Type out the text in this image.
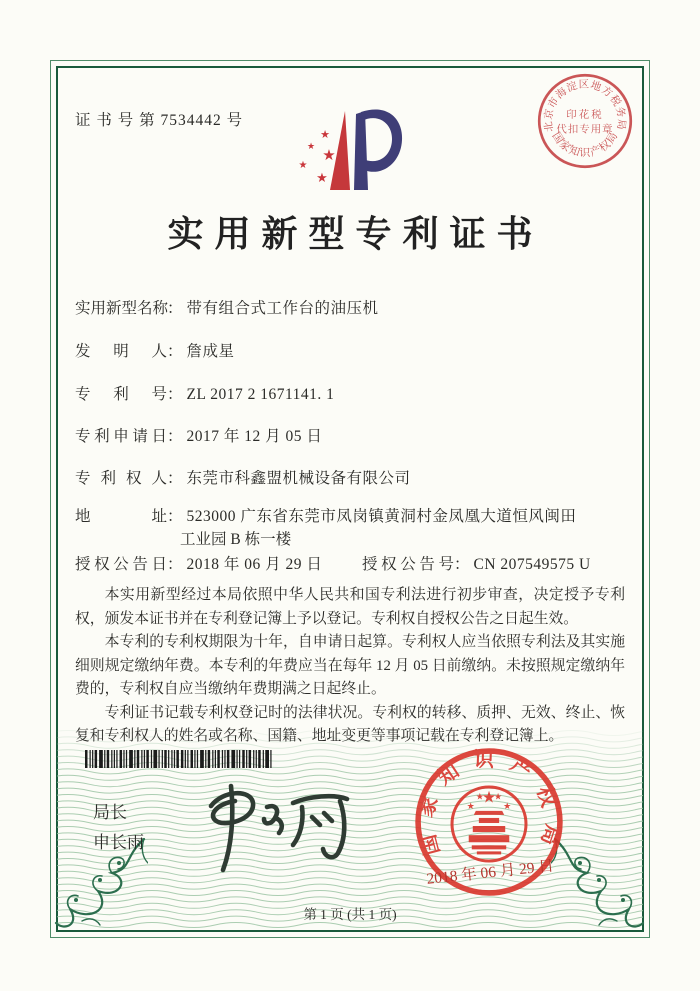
证 书 号 第 7534442 号
★
★ ★
★
★
北京市海淀区地方税务局
国家知识产权局
印花税
代扣专用章
实用新型专利证书
实用新型名称： 带有组合式工作台的油压机
发明人： 詹成星
专利号： ZL 2017 2 1671141. 1
专利申请日： 2017 年 12 月 05 日
专利权人： 东莞市科鑫盟机械设备有限公司
地址： 523000 广东省东莞市凤岗镇黄洞村金凤凰大道恒风闽田
工业园 B 栋一楼
授权公告日： 2018 年 06 月 29 日	授权公告号： CN 207549575 U

本实用新型经过本局依照中华人民共和国专利法进行初步审查，决定授予专利权，颁发本证书并在专利登记簿上予以登记。专利权自授权公告之日起生效。

本专利的专利权期限为十年，自申请日起算。专利权人应当依照专利法及其实施细则规定缴纳年费。本专利的年费应当在每年 12 月 05 日前缴纳。未按照规定缴纳年费的，专利权自应当缴纳年费期满之日起终止。

专利证书记载专利权登记时的法律状况。专利权的转移、质押、无效、终止、恢复和专利权人的姓名或名称、国籍、地址变更等事项记载在专利登记簿上。

局长
申长雨	国家知识产权局
★
★
★ ★
★
2018 年 06 月 29 日
第 1 页 (共 1 页)
